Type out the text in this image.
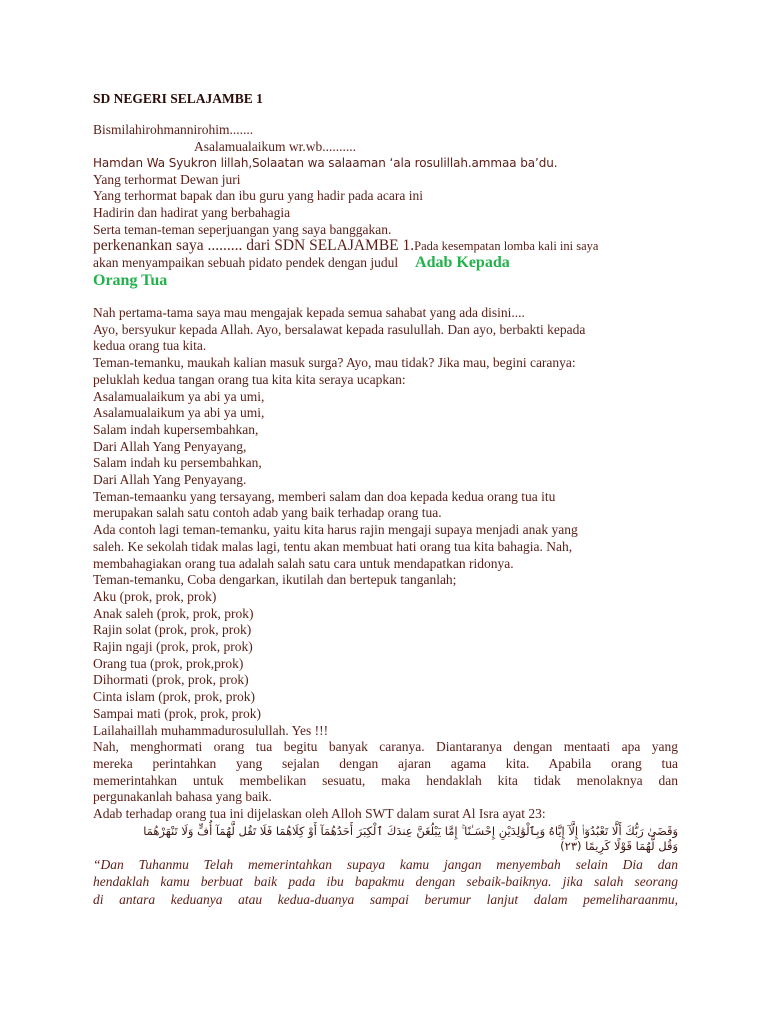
SD NEGERI SELAJAMBE 1
Bismilahirohmannirohim.......
Asalamualaikum wr.wb..........
Hamdan Wa Syukron lillah,Solaatan wa salaaman ‘ala rosulillah.ammaa ba’du.
Yang terhormat Dewan juri
Yang terhormat bapak dan ibu guru yang hadir pada acara ini
Hadirin dan hadirat yang berbahagia
Serta teman-teman seperjuangan yang saya banggakan.
perkenankan saya ......... dari SDN SELAJAMBE 1.Pada kesempatan lomba kali ini saya
akan menyampaikan sebuah pidato pendek dengan judul Adab Kepada
Orang Tua
Nah pertama-tama saya mau mengajak kepada semua sahabat yang ada disini....
Ayo, bersyukur kepada Allah. Ayo, bersalawat kepada rasulullah. Dan ayo, berbakti kepada
kedua orang tua kita.
Teman-temanku, maukah kalian masuk surga? Ayo, mau tidak? Jika mau, begini caranya:
peluklah kedua tangan orang tua kita kita seraya ucapkan:
Asalamualaikum ya abi ya umi,
Asalamualaikum ya abi ya umi,
Salam indah kupersembahkan,
Dari Allah Yang Penyayang,
Salam indah ku persembahkan,
Dari Allah Yang Penyayang.
Teman-temaanku yang tersayang, memberi salam dan doa kepada kedua orang tua itu
merupakan salah satu contoh adab yang baik terhadap orang tua.
Ada contoh lagi teman-temanku, yaitu kita harus rajin mengaji supaya menjadi anak yang
saleh. Ke sekolah tidak malas lagi, tentu akan membuat hati orang tua kita bahagia. Nah,
membahagiakan orang tua adalah salah satu cara untuk mendapatkan ridonya.
Teman-temanku, Coba dengarkan, ikutilah dan bertepuk tanganlah;
Aku (prok, prok, prok)
Anak saleh (prok, prok, prok)
Rajin solat (prok, prok, prok)
Rajin ngaji (prok, prok, prok)
Orang tua (prok, prok,prok)
Dihormati (prok, prok, prok)
Cinta islam (prok, prok, prok)
Sampai mati (prok, prok, prok)
Lailahaillah muhammadurosulullah. Yes !!!
Nah, menghormati orang tua begitu banyak caranya. Diantaranya dengan mentaati apa yang
mereka perintahkan yang sejalan dengan ajaran agama kita. Apabila orang tua
memerintahkan untuk membelikan sesuatu, maka hendaklah kita tidak menolaknya dan
pergunakanlah bahasa yang baik.
Adab terhadap orang tua ini dijelaskan oleh Alloh SWT dalam surat Al Isra ayat 23:
وَقَضَىٰ رَبُّكَ أَلَّا تَعْبُدُوٓا۟ إِلَّآ إِيَّاهُ وَبِٱلْوَٰلِدَيْنِ إِحْسَـٰنًا ۚ إِمَّا يَبْلُغَنَّ عِندَكَ ٱلْكِبَرَ أَحَدُهُمَآ أَوْ كِلَاهُمَا فَلَا تَقُل لَّهُمَآ أُفٍّ وَلَا تَنْهَرْهُمَا
وَقُل لَّهُمَا قَوْلًا كَرِيمًا (٢٣)
“Dan Tuhanmu Telah memerintahkan supaya kamu jangan menyembah selain Dia dan
hendaklah kamu berbuat baik pada ibu bapakmu dengan sebaik-baiknya. jika salah seorang
di antara keduanya atau kedua-duanya sampai berumur lanjut dalam pemeliharaanmu,
